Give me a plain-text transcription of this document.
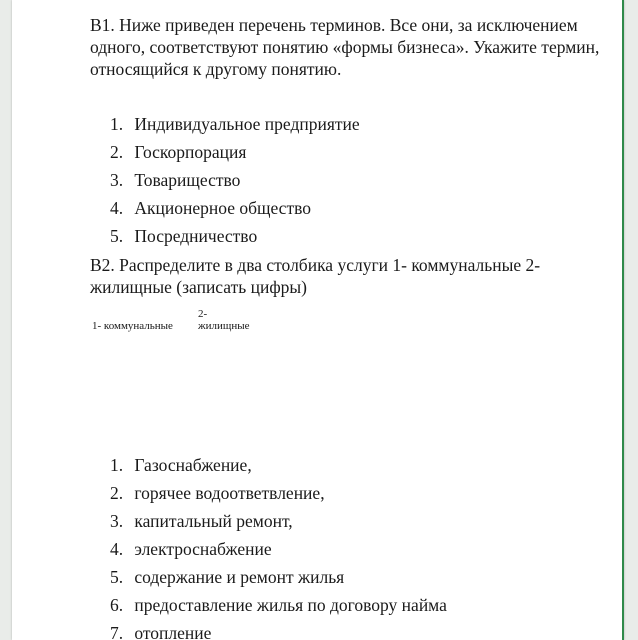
В1. Ниже приведен перечень терминов. Все они, за исключением одного, соответствуют понятию «формы бизнеса». Укажите термин, относящийся к другому понятию.

1. Индивидуальное предприятие
2. Госкорпорация
3. Товарищество
4. Акционерное общество
5. Посредничество

В2. Распределите в два столбика услуги 1- коммунальные 2- жилищные (записать цифры)

1- коммунальные
2-
жилищные
1. Газоснабжение,
2. горячее водоответвление,
3. капитальный ремонт,
4. электроснабжение
5. содержание и ремонт жилья
6. предоставление жилья по договору найма
7. отопление
